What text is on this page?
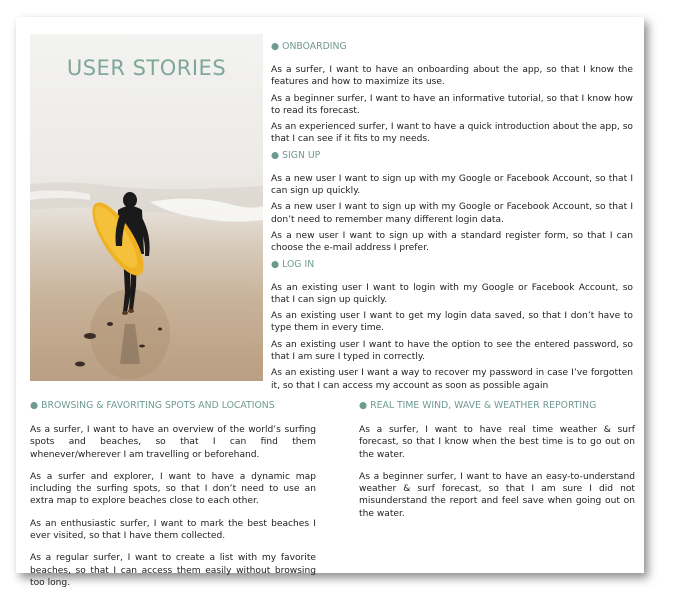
USER STORIES
● ONBOARDING
As a surfer, I want to have an onboarding about the app, so that I know the features and how to maximize its use.
As a beginner surfer, I want to have an informative tutorial, so that I know how to read its forecast.
As an experienced surfer, I want to have a quick introduction about the app, so that I can see if it fits to my needs.
● SIGN UP
As a new user I want to sign up with my Google or Facebook Account, so that I can sign up quickly.
As a new user I want to sign up with my Google or Facebook Account, so that I don’t need to remember many different login data.
As a new user I want to sign up with a standard register form, so that I can choose the e-mail address I prefer.
● LOG IN
As an existing user I want to login with my Google or Facebook Account, so that I can sign up quickly.
As an existing user I want to get my login data saved, so that I don’t have to type them in every time.
As an existing user I want to have the option to see the entered password, so that I am sure I typed in correctly.
As an existing user I want a way to recover my password in case I’ve forgotten it, so that I can access my account as soon as possible again
● BROWSING & FAVORITING SPOTS AND LOCATIONS
As a surfer, I want to have an overview of the world’s surfing spots and beaches, so that I can find them whenever/wherever I am travelling or beforehand.
As a surfer and explorer, I want to have a dynamic map including the surfing spots, so that I don’t need to use an extra map to explore beaches close to each other.
As an enthusiastic surfer, I want to mark the best beaches I ever visited, so that I have them collected.
As a regular surfer, I want to create a list with my favorite beaches, so that I can access them easily without browsing too long.
● REAL TIME WIND, WAVE & WEATHER REPORTING
As a surfer, I want to have real time weather & surf forecast, so that I know when the best time is to go out on the water.
As a beginner surfer, I want to have an easy-to-understand weather & surf forecast, so that I am sure I did not misunderstand the report and feel save when going out on the water.
